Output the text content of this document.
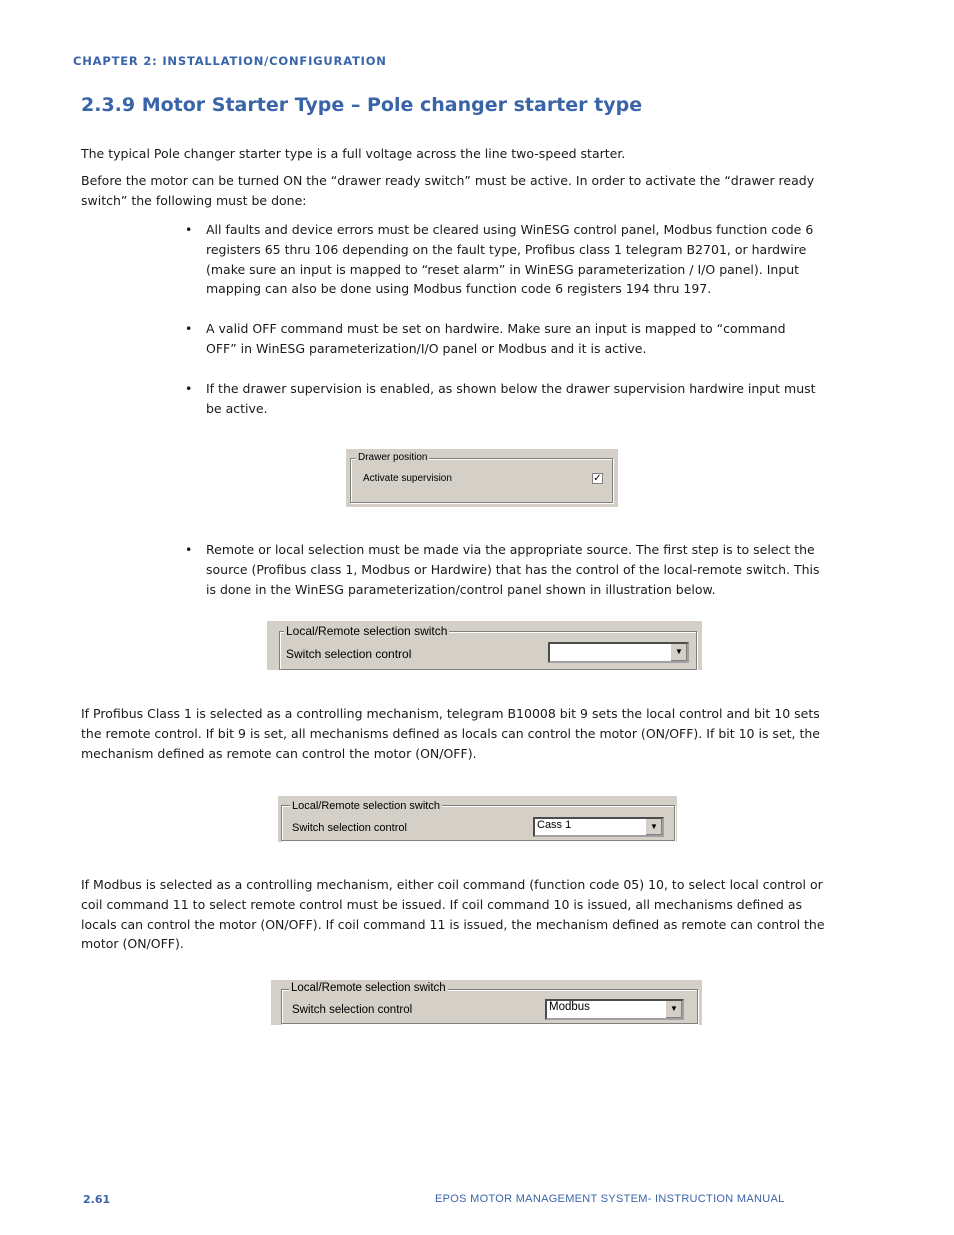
CHAPTER 2: INSTALLATION/CONFIGURATION
2.3.9 Motor Starter Type – Pole changer starter type

The typical Pole changer starter type is a full voltage across the line two-speed starter.

Before the motor can be turned ON the “drawer ready switch” must be active. In order to activate the “drawer ready switch” the following must be done:

• All faults and device errors must be cleared using WinESG control panel, Modbus function code 6 registers 65 thru 106 depending on the fault type, Profibus class 1 telegram B2701, or hardwire (make sure an input is mapped to “reset alarm” in WinESG parameterization / I/O panel). Input mapping can also be done using Modbus function code 6 registers 194 thru 197.
• A valid OFF command must be set on hardwire. Make sure an input is mapped to “command OFF” in WinESG parameterization/I/O panel or Modbus and it is active.
• If the drawer supervision is enabled, as shown below the drawer supervision hardwire input must be active.
Drawer position
Activate supervision	✓
• Remote or local selection must be made via the appropriate source. The first step is to select the source (Profibus class 1, Modbus or Hardwire) that has the control of the local-remote switch. This is done in the WinESG parameterization/control panel shown in illustration below.
Local/Remote selection switch
Switch selection control	▼

If Profibus Class 1 is selected as a controlling mechanism, telegram B10008 bit 9 sets the local control and bit 10 sets the remote control. If bit 9 is set, all mechanisms defined as locals can control the motor (ON/OFF). If bit 10 is set, the mechanism defined as remote can control the motor (ON/OFF).

Local/Remote selection switch
Switch selection control	Cass 1	▼

If Modbus is selected as a controlling mechanism, either coil command (function code 05) 10, to select local control or coil command 11 to select remote control must be issued. If coil command 10 is issued, all mechanisms defined as locals can control the motor (ON/OFF). If coil command 11 is issued, the mechanism defined as remote can control the motor (ON/OFF).

Local/Remote selection switch
Switch selection control	Modbus	▼
2.61	EPOS MOTOR MANAGEMENT SYSTEM- INSTRUCTION MANUAL
